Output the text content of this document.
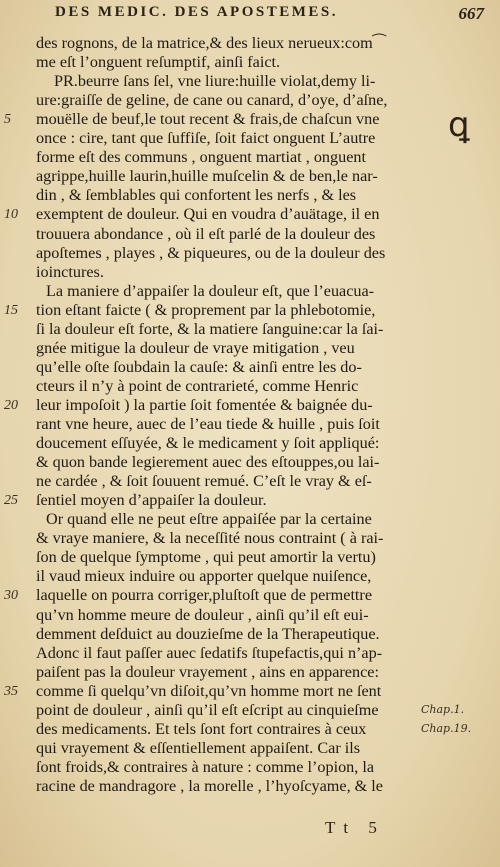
DES MEDIC. DES APOSTEMES.	667
ꝗ
des rognons, de la matrice,& des lieux nerueux:com⁀
me eſt l’onguent reſumptif, ainſi faict.
PR.beurre ſans ſel, vne liure:huille violat,demy li-
ure:graiſſe de geline, de cane ou canard, d’oye, d’aſne,
5	mouëlle de beuf,le tout recent & frais,de chaſcun vne
once : cire, tant que ſuffiſe, ſoit faict onguent L’autre
forme eſt des communs , onguent martiat , onguent
agrippe,huille laurin,huille muſcelin & de ben,le nar-
din , & ſemblables qui confortent les nerfs , & les
10	exemptent de douleur. Qui en voudra d’auätage, il en
trouuera abondance , où il eſt parlé de la douleur des
apoſtemes , playes , & piqueures, ou de la douleur des
ioinctures.
La maniere d’appaiſer la douleur eſt, que l’euacua-
15	tion eſtant faicte ( & proprement par la phlebotomie,
ſi la douleur eſt forte, & la matiere ſanguine:car la ſai-
gnée mitigue la douleur de vraye mitigation , veu
qu’elle oſte ſoubdain la cauſe: & ainſi entre les do-
cteurs il n’y à point de contrarieté, comme Henric
20	leur impoſoit ) la partie ſoit fomentée & baignée du-
rant vne heure, auec de l’eau tiede & huille , puis ſoit
doucement eſſuyée, & le medicament y ſoit appliqué:
& quon bande legierement auec des eſtouppes,ou lai-
ne cardée , & ſoit ſouuent remué. C’eſt le vray & eſ-
25	ſentiel moyen d’appaiſer la douleur.
Or quand elle ne peut eſtre appaiſée par la certaine
& vraye maniere, & la neceſſité nous contraint ( à rai-
ſon de quelque ſymptome , qui peut amortir la vertu)
il vaud mieux induire ou apporter quelque nuiſence,
30	laquelle on pourra corriger,pluſtoſt que de permettre
qu’vn homme meure de douleur , ainſi qu’il eſt eui-
demment deſduict au douzieſme de la Therapeutique.
Adonc il faut paſſer auec ſedatifs ſtupefactis,qui n’ap-
paiſent pas la douleur vrayement , ains en apparence:
35	comme ſi quelqu’vn diſoit,qu’vn homme mort ne ſent
point de douleur , ainſi qu’il eſt eſcript au cinquieſme
des medicaments. Et tels ſont fort contraires à ceux
qui vrayement & eſſentiellement appaiſent. Car ils
ſont froids,& contraires à nature : comme l’opion, la
racine de mandragore , la morelle , l’hyoſcyame, & le
Tt 5
Chap.1.
Chap.19.
